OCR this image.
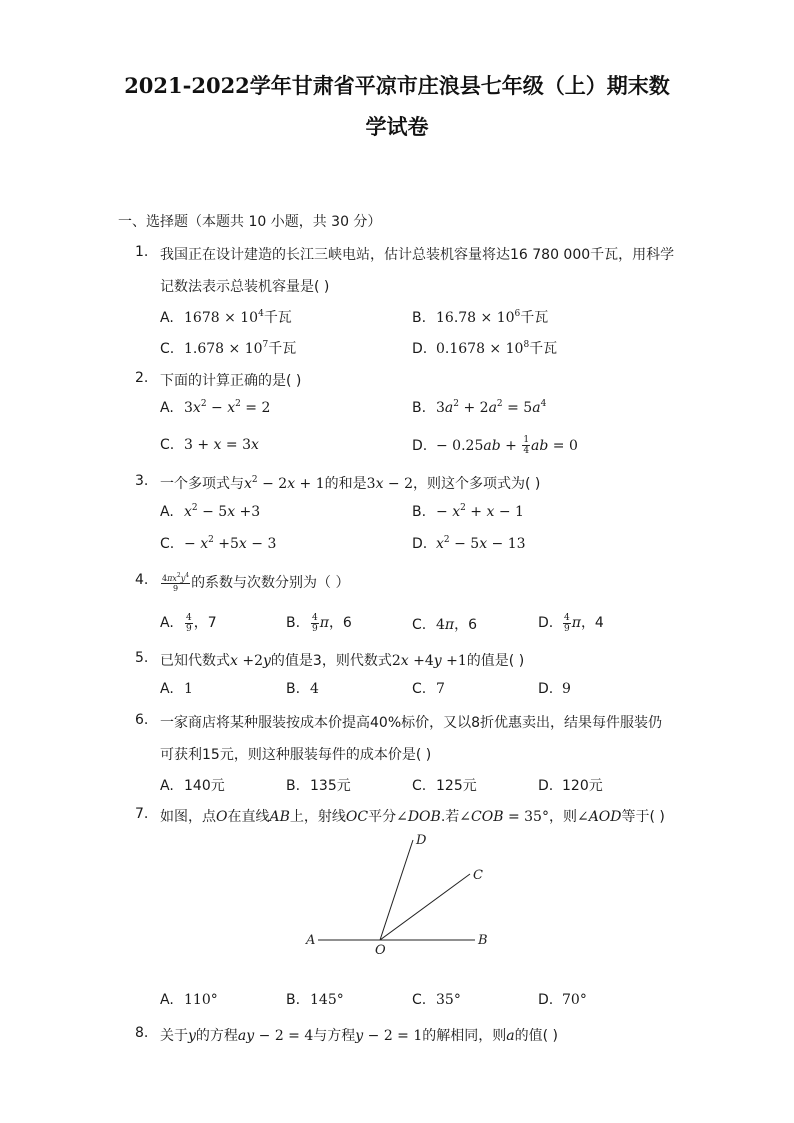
2021-2022学年甘肃省平凉市庄浪县七年级（上）期末数
学试卷
一、选择题（本题共 10 小题，共 30 分）
1. 我国正在设计建造的长江三峡电站，估计总装机容量将达16 780 000千瓦，用科学
记数法表示总装机容量是( )
A. $1678 \times 10^4$千瓦	B. $16.78 \times 10^6$千瓦
C. $1.678 \times 10^7$千瓦	D. $0.1678 \times 10^8$千瓦
2. 下面的计算正确的是( )
A. $3x^2 - x^2 = 2$	B. $3a^2 + 2a^2 = 5a^4$
C. 3 + x = 3x	D. − $0.25ab + \frac{1}{4}$ ab = 0
3. 一个多项式与$x^2 - 2x + 1$的和是3x − 2，则这个多项式为( )
A. $x^2 - 5x +3$	B. − $x^2 + x - 1$
C. − $x^2 +5x - 3$	D. $x^2 - 5x - 13$
4. $\frac{4\pi x^2y^4}{9}$ 的系数与次数分别为（ ）
A. $\frac{4}{9}$ ，7	B. $\frac{4}{9}$ π，6	C. 4π，6	D. $\frac{4}{9}$ π，4
5. 已知代数式x +2y的值是3，则代数式2x +4y +1的值是( )
A. 1	B. 4	C. 7	D. 9
6. 一家商店将某种服装按成本价提高40%标价，又以8折优惠卖出，结果每件服装仍
可获利15元，则这种服装每件的成本价是( )
A. 140元	B. 135元	C. 125元	D. 120元
7. 如图，点O在直线AB上，射线OC平分∠DOB.若∠COB = 35°，则∠AOD等于( )
A	B
C
D
O
A. 110°	B. 145°	C. 35°	D. 70°
8. 关于y的方程ay − 2 = 4与方程y − 2 = 1的解相同，则a的值( )
